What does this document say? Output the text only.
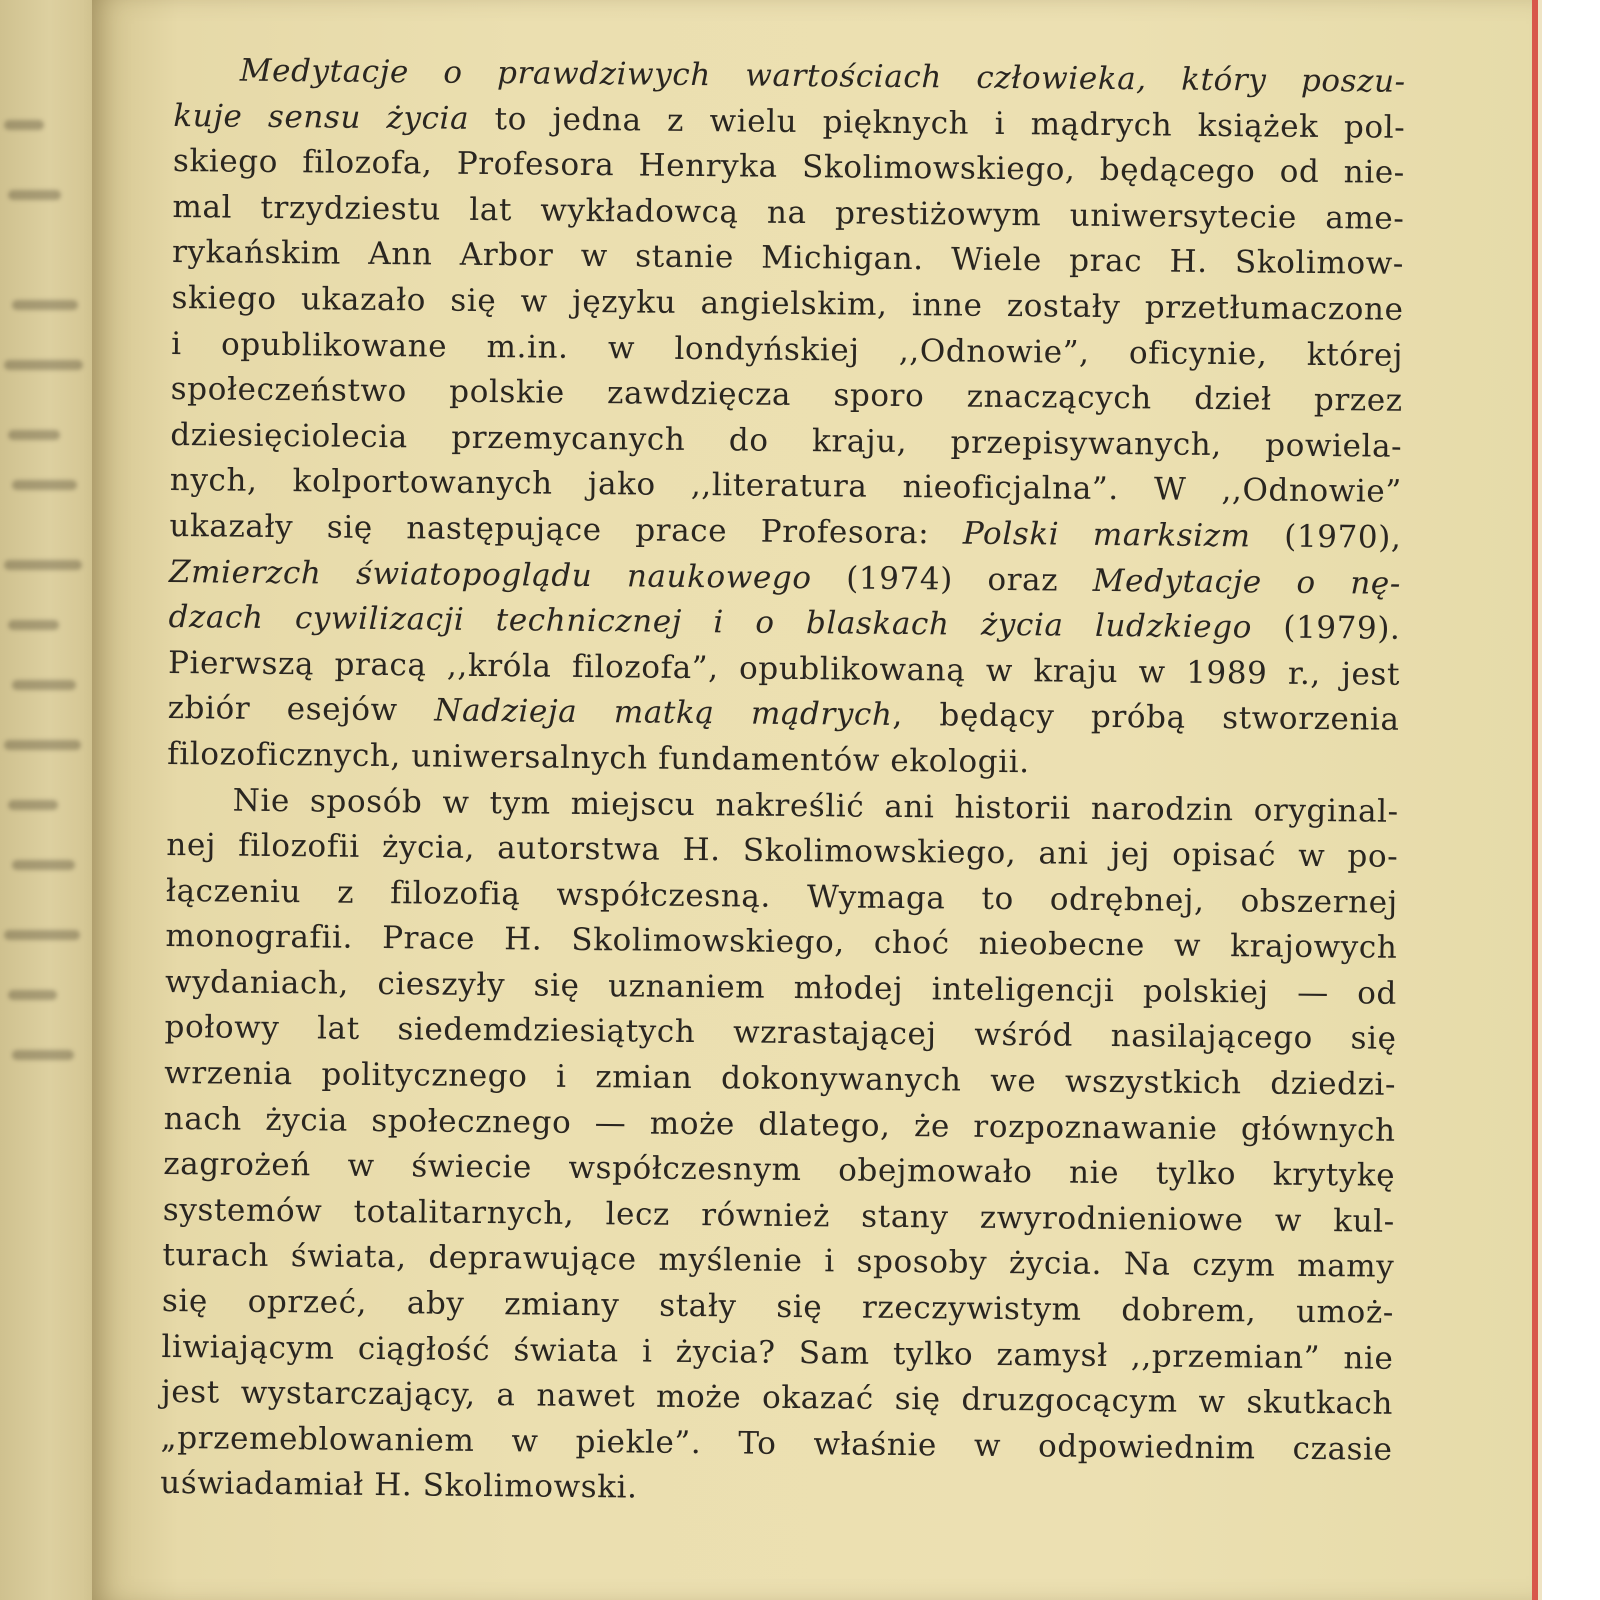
Medytacje o prawdziwych wartościach człowieka, który poszu-
kuje sensu życia to jedna z wielu pięknych i mądrych książek pol-
skiego filozofa, Profesora Henryka Skolimowskiego, będącego od nie-
mal trzydziestu lat wykładowcą na prestiżowym uniwersytecie ame-
rykańskim Ann Arbor w stanie Michigan. Wiele prac H. Skolimow-
skiego ukazało się w języku angielskim, inne zostały przetłumaczone
i opublikowane m.in. w londyńskiej ,,Odnowie”, oficynie, której
społeczeństwo polskie zawdzięcza sporo znaczących dzieł przez
dziesięciolecia przemycanych do kraju, przepisywanych, powiela-
nych, kolportowanych jako ,,literatura nieoficjalna”. W ,,Odnowie”
ukazały się następujące prace Profesora: Polski marksizm (1970),
Zmierzch światopoglądu naukowego (1974) oraz Medytacje o nę-
dzach cywilizacji technicznej i o blaskach życia ludzkiego (1979).
Pierwszą pracą ,,króla filozofa”, opublikowaną w kraju w 1989 r., jest
zbiór esejów Nadzieja matką mądrych, będący próbą stworzenia
filozoficznych, uniwersalnych fundamentów ekologii.
Nie sposób w tym miejscu nakreślić ani historii narodzin oryginal-
nej filozofii życia, autorstwa H. Skolimowskiego, ani jej opisać w po-
łączeniu z filozofią współczesną. Wymaga to odrębnej, obszernej
monografii. Prace H. Skolimowskiego, choć nieobecne w krajowych
wydaniach, cieszyły się uznaniem młodej inteligencji polskiej — od
połowy lat siedemdziesiątych wzrastającej wśród nasilającego się
wrzenia politycznego i zmian dokonywanych we wszystkich dziedzi-
nach życia społecznego — może dlatego, że rozpoznawanie głównych
zagrożeń w świecie współczesnym obejmowało nie tylko krytykę
systemów totalitarnych, lecz również stany zwyrodnieniowe w kul-
turach świata, deprawujące myślenie i sposoby życia. Na czym mamy
się oprzeć, aby zmiany stały się rzeczywistym dobrem, umoż-
liwiającym ciągłość świata i życia? Sam tylko zamysł ,,przemian” nie
jest wystarczający, a nawet może okazać się druzgocącym w skutkach
„przemeblowaniem w piekle”. To właśnie w odpowiednim czasie
uświadamiał H. Skolimowski.
